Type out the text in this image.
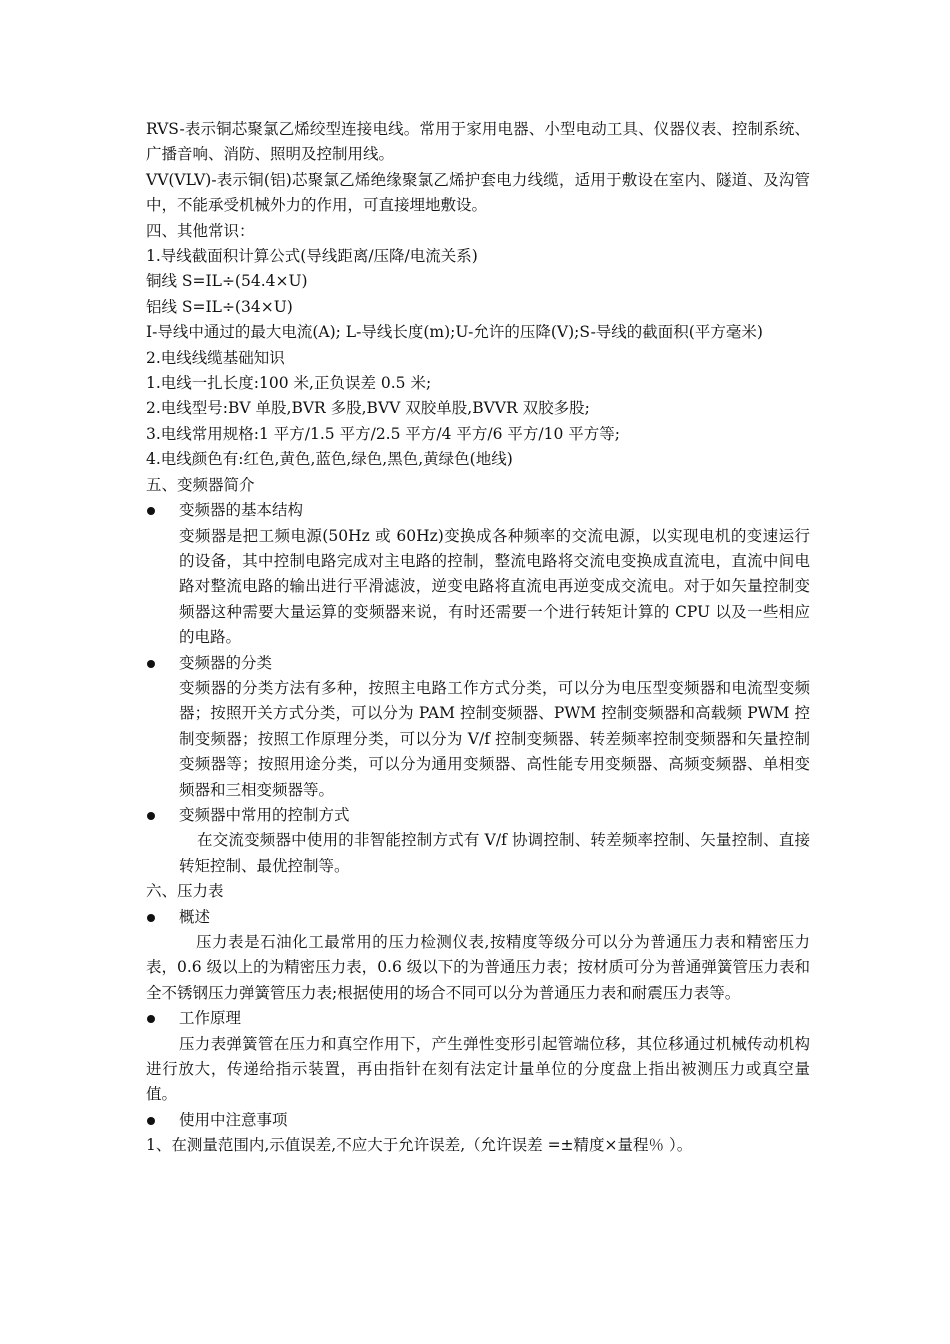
RVS-表示铜芯聚氯乙烯绞型连接电线。常用于家用电器、小型电动工具、仪器仪表、控制系统、广播音响、消防、照明及控制用线。

VV(VLV)-表示铜(铝)芯聚氯乙烯绝缘聚氯乙烯护套电力线缆，适用于敷设在室内、隧道、及沟管中，不能承受机械外力的作用，可直接埋地敷设。

四、其他常识：

1.导线截面积计算公式(导线距离/压降/电流关系)

铜线 S=IL÷(54.4×U)

铝线 S=IL÷(34×U)

I-导线中通过的最大电流(A); L-导线长度(m);U-允许的压降(V);S-导线的截面积(平方毫米)

2.电线线缆基础知识

1.电线一扎长度:100 米,正负误差 0.5 米;

2.电线型号:BV 单股,BVR 多股,BVV 双胶单股,BVVR 双胶多股;

3.电线常用规格:1 平方/1.5 平方/2.5 平方/4 平方/6 平方/10 平方等;

4.电线颜色有:红色,黄色,蓝色,绿色,黑色,黄绿色(地线)

五、变频器简介

变频器的基本结构

变频器是把工频电源(50Hz 或 60Hz)变换成各种频率的交流电源，以实现电机的变速运行的设备，其中控制电路完成对主电路的控制，整流电路将交流电变换成直流电，直流中间电路对整流电路的输出进行平滑滤波，逆变电路将直流电再逆变成交流电。对于如矢量控制变频器这种需要大量运算的变频器来说，有时还需要一个进行转矩计算的 CPU 以及一些相应的电路。

变频器的分类

变频器的分类方法有多种，按照主电路工作方式分类，可以分为电压型变频器和电流型变频器；按照开关方式分类，可以分为 PAM 控制变频器、PWM 控制变频器和高载频 PWM 控制变频器；按照工作原理分类，可以分为 V/f 控制变频器、转差频率控制变频器和矢量控制变频器等；按照用途分类，可以分为通用变频器、高性能专用变频器、高频变频器、单相变频器和三相变频器等。

变频器中常用的控制方式

在交流变频器中使用的非智能控制方式有 V/f 协调控制、转差频率控制、矢量控制、直接转矩控制、最优控制等。

六、压力表

概述

压力表是石油化工最常用的压力检测仪表,按精度等级分可以分为普通压力表和精密压力表，0.6 级以上的为精密压力表，0.6 级以下的为普通压力表；按材质可分为普通弹簧管压力表和全不锈钢压力弹簧管压力表;根据使用的场合不同可以分为普通压力表和耐震压力表等。

工作原理

压力表弹簧管在压力和真空作用下，产生弹性变形引起管端位移，其位移通过机械传动机构进行放大，传递给指示装置，再由指针在刻有法定计量单位的分度盘上指出被测压力或真空量值。

使用中注意事项

1、在测量范围内,示值误差,不应大于允许误差,（允许误差 =±精度×量程％ ）。
